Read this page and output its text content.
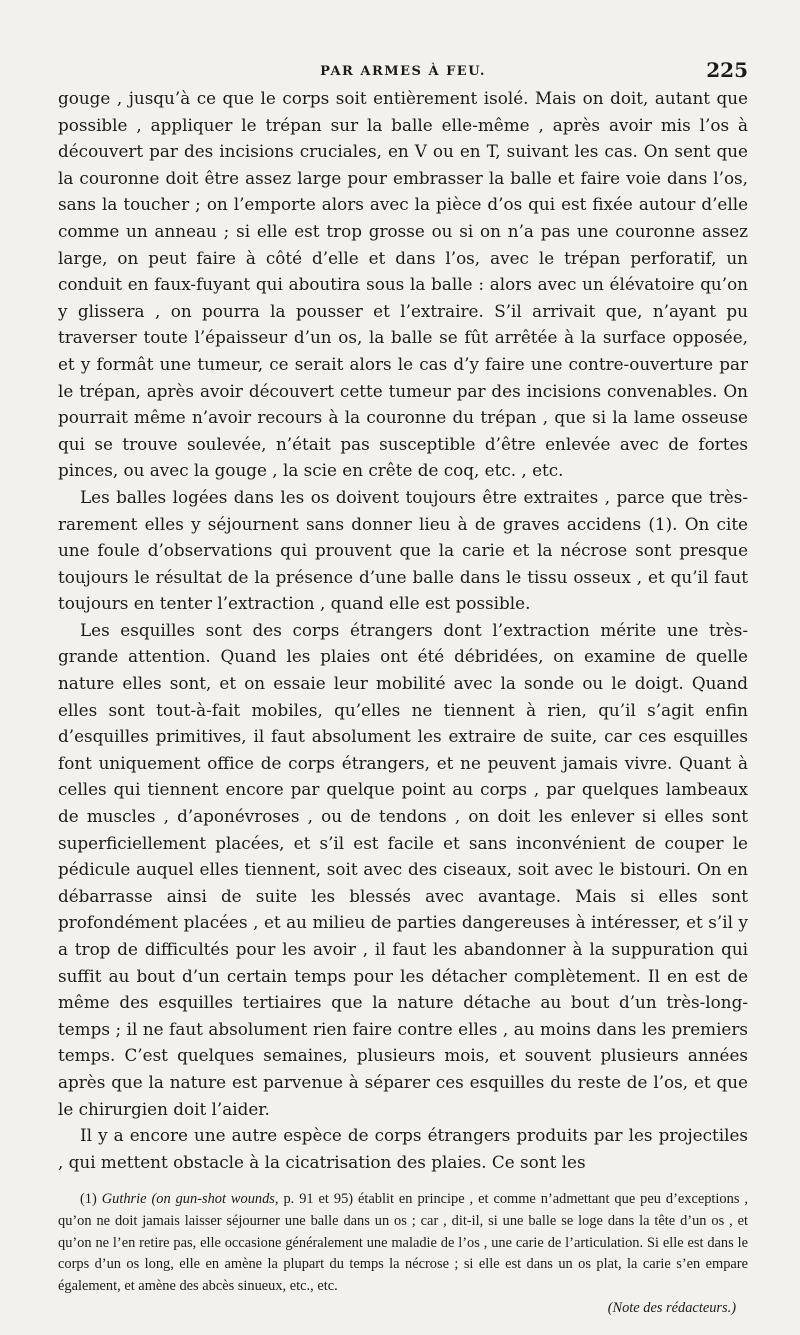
PAR ARMES À FEU.	225

gouge , jusqu’à ce que le corps soit entièrement isolé. Mais on doit, autant que possible , appliquer le trépan sur la balle elle-même , après avoir mis l’os à découvert par des incisions cruciales, en V ou en T, suivant les cas. On sent que la couronne doit être assez large pour embrasser la balle et faire voie dans l’os, sans la toucher ; on l’emporte alors avec la pièce d’os qui est fixée autour d’elle comme un anneau ; si elle est trop grosse ou si on n’a pas une couronne assez large, on peut faire à côté d’elle et dans l’os, avec le trépan perforatif, un conduit en faux-fuyant qui aboutira sous la balle : alors avec un élévatoire qu’on y glissera , on pourra la pousser et l’extraire. S’il arrivait que, n’ayant pu traverser toute l’épaisseur d’un os, la balle se fût arrêtée à la surface opposée, et y formât une tumeur, ce serait alors le cas d’y faire une contre-ouverture par le trépan, après avoir découvert cette tumeur par des incisions convenables. On pourrait même n’avoir recours à la couronne du trépan , que si la lame osseuse qui se trouve soulevée, n’était pas susceptible d’être enlevée avec de fortes pinces, ou avec la gouge , la scie en crête de coq, etc. , etc.

Les balles logées dans les os doivent toujours être extraites , parce que très-rarement elles y séjournent sans donner lieu à de graves accidens (1). On cite une foule d’observations qui prouvent que la carie et la nécrose sont presque toujours le résultat de la présence d’une balle dans le tissu osseux , et qu’il faut toujours en tenter l’extraction , quand elle est possible.

Les esquilles sont des corps étrangers dont l’extraction mérite une très-grande attention. Quand les plaies ont été débridées, on examine de quelle nature elles sont, et on essaie leur mobilité avec la sonde ou le doigt. Quand elles sont tout-à-fait mobiles, qu’elles ne tiennent à rien, qu’il s’agit enfin d’esquilles primitives, il faut absolument les extraire de suite, car ces esquilles font uniquement office de corps étrangers, et ne peuvent jamais vivre. Quant à celles qui tiennent encore par quelque point au corps , par quelques lambeaux de muscles , d’aponévroses , ou de tendons , on doit les enlever si elles sont superficiellement placées, et s’il est facile et sans inconvénient de couper le pédicule auquel elles tiennent, soit avec des ciseaux, soit avec le bistouri. On en débarrasse ainsi de suite les blessés avec avantage. Mais si elles sont profondément placées , et au milieu de parties dangereuses à intéresser, et s’il y a trop de difficultés pour les avoir , il faut les abandonner à la suppuration qui suffit au bout d’un certain temps pour les détacher complètement. Il en est de même des esquilles tertiaires que la nature détache au bout d’un très-long-temps ; il ne faut absolument rien faire contre elles , au moins dans les premiers temps. C’est quelques semaines, plusieurs mois, et souvent plusieurs années après que la nature est parvenue à séparer ces esquilles du reste de l’os, et que le chirurgien doit l’aider.

Il y a encore une autre espèce de corps étrangers produits par les projectiles , qui mettent obstacle à la cicatrisation des plaies. Ce sont les

(1) Guthrie (on gun-shot wounds, p. 91 et 95) établit en principe , et comme n’admettant que peu d’exceptions , qu’on ne doit jamais laisser séjourner une balle dans un os ; car , dit-il, si une balle se loge dans la tête d’un os , et qu’on ne l’en retire pas, elle occasione généralement une maladie de l’os , une carie de l’articulation. Si elle est dans le corps d’un os long, elle en amène la plupart du temps la nécrose ; si elle est dans un os plat, la carie s’en empare également, et amène des abcès sinueux, etc., etc.

(Note des rédacteurs.)
